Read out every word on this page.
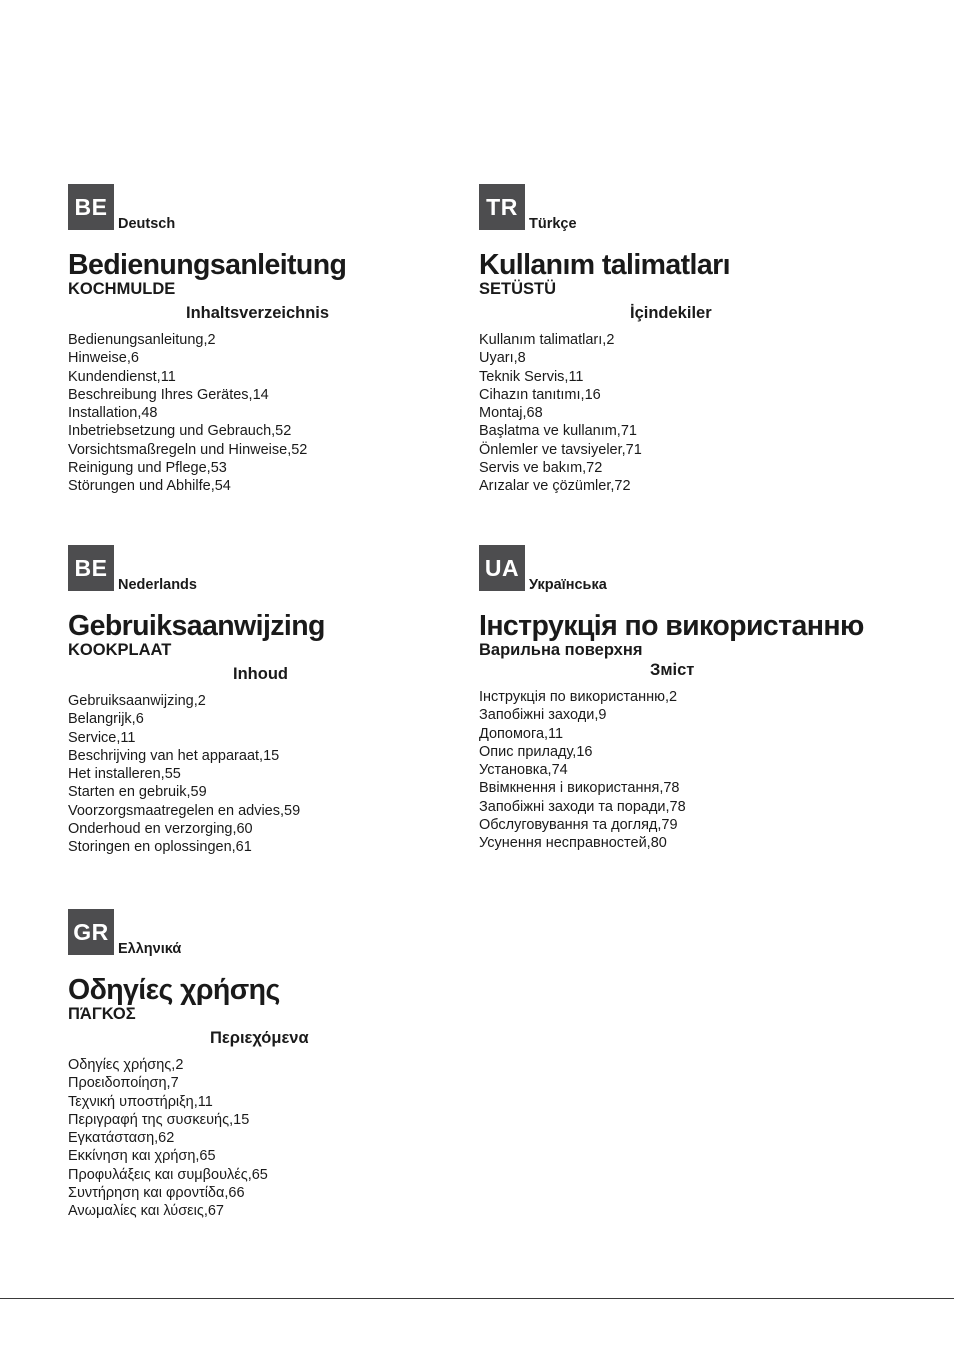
BE
Deutsch
Bedienungsanleitung
KOCHMULDE
Inhaltsverzeichnis
Bedienungsanleitung,2
Hinweise,6
Kundendienst,11
Beschreibung Ihres Gerätes,14
Installation,48
Inbetriebsetzung und Gebrauch,52
Vorsichtsmaßregeln und Hinweise,52
Reinigung und Pflege,53
Störungen und Abhilfe,54
TR
Türkçe
Kullanım talimatları
SETÜSTÜ
İçindekiler
Kullanım talimatları,2
Uyarı,8
Teknik Servis,11
Cihazın tanıtımı,16
Montaj,68
Başlatma ve kullanım,71
Önlemler ve tavsiyeler,71
Servis ve bakım,72
Arızalar ve çözümler,72
BE
Nederlands
Gebruiksaanwijzing
KOOKPLAAT
Inhoud
Gebruiksaanwijzing,2
Belangrijk,6
Service,11
Beschrijving van het apparaat,15
Het installeren,55
Starten en gebruik,59
Voorzorgsmaatregelen en advies,59
Onderhoud en verzorging,60
Storingen en oplossingen,61
UA
Українська
Інструкція по використанню
Варильна поверхня
Зміст
Інструкція по використанню,2
Запобіжні заходи,9
Допомога,11
Опис приладу,16
Установка,74
Ввімкнення і використання,78
Запобіжні заходи та поради,78
Обслуговування та догляд,79
Усунення несправностей,80
GR
Ελληνικά
Οδηγίες χρήσης
ΠΆΓΚΟΣ
Περιεχόμενα
Οδηγίες χρήσης,2
Προειδοποίηση,7
Τεχνική υποστήριξη,11
Περιγραφή της συσκευής,15
Εγκατάσταση,62
Εκκίνηση και χρήση,65
Προφυλάξεις και συμβουλές,65
Συντήρηση και φροντίδα,66
Ανωμαλίες και λύσεις,67
